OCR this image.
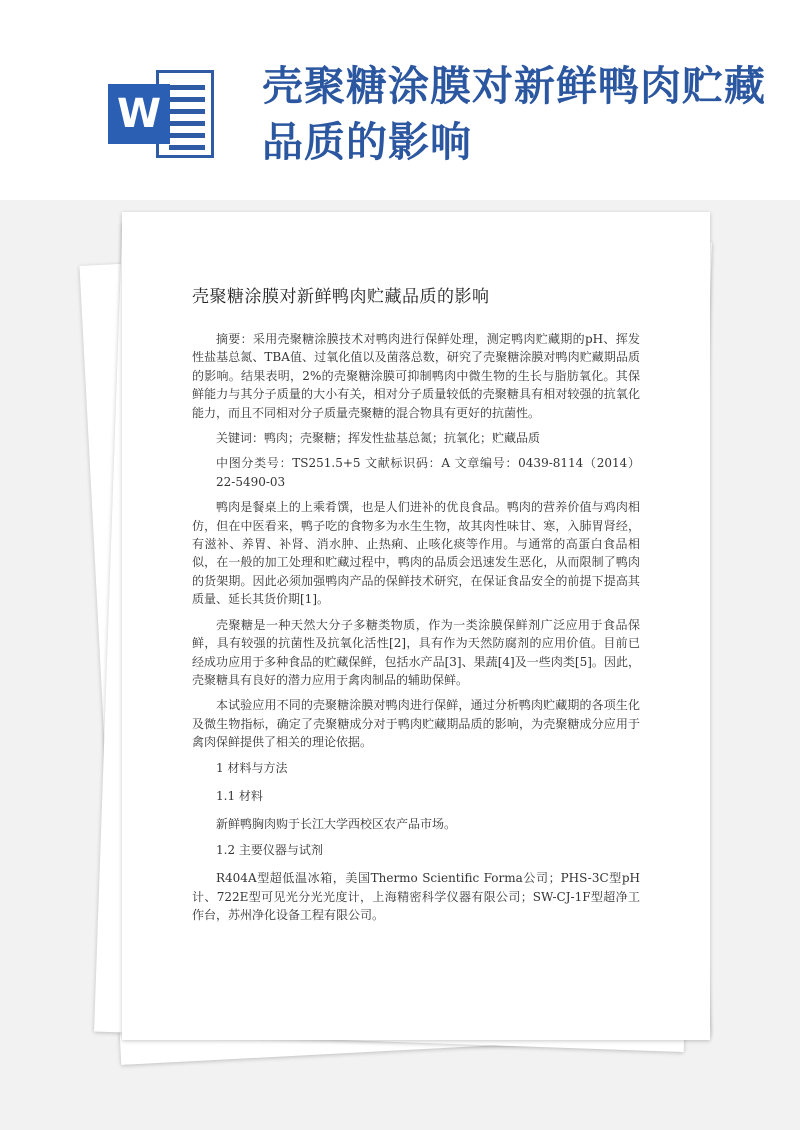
W
壳聚糖涂膜对新鲜鸭肉贮藏品质的影响
壳聚糖涂膜对新鲜鸭肉贮藏品质的影响

摘要：采用壳聚糖涂膜技术对鸭肉进行保鲜处理，测定鸭肉贮藏期的pH、挥发性盐基总氮、TBA值、过氧化值以及菌落总数，研究了壳聚糖涂膜对鸭肉贮藏期品质的影响。结果表明，2%的壳聚糖涂膜可抑制鸭肉中微生物的生长与脂肪氧化。其保鲜能力与其分子质量的大小有关，相对分子质量较低的壳聚糖具有相对较强的抗氧化能力，而且不同相对分子质量壳聚糖的混合物具有更好的抗菌性。

关键词：鸭肉；壳聚糖；挥发性盐基总氮；抗氧化；贮藏品质

中图分类号：TS251.5+5 文献标识码：A 文章编号：0439-8114（2014）22-5490-03

鸭肉是餐桌上的上乘肴馔，也是人们进补的优良食品。鸭肉的营养价值与鸡肉相仿，但在中医看来，鸭子吃的食物多为水生生物，故其肉性味甘、寒，入肺胃肾经，有滋补、养胃、补肾、消水肿、止热痢、止咳化痰等作用。与通常的高蛋白食品相似，在一般的加工处理和贮藏过程中，鸭肉的品质会迅速发生恶化，从而限制了鸭肉的货架期。因此必须加强鸭肉产品的保鲜技术研究，在保证食品安全的前提下提高其质量、延长其货价期[1]。

壳聚糖是一种天然大分子多糖类物质，作为一类涂膜保鲜剂广泛应用于食品保鲜，具有较强的抗菌性及抗氧化活性[2]，具有作为天然防腐剂的应用价值。目前已经成功应用于多种食品的贮藏保鲜，包括水产品[3]、果蔬[4]及一些肉类[5]。因此，壳聚糖具有良好的潜力应用于禽肉制品的辅助保鲜。

本试验应用不同的壳聚糖涂膜对鸭肉进行保鲜，通过分析鸭肉贮藏期的各项生化及微生物指标，确定了壳聚糖成分对于鸭肉贮藏期品质的影响，为壳聚糖成分应用于禽肉保鲜提供了相关的理论依据。

1 材料与方法

1.1 材料

新鲜鸭胸肉购于长江大学西校区农产品市场。

1.2 主要仪器与试剂

R404A型超低温冰箱，美国Thermo Scientific Forma公司；PHS-3C型pH计、722E型可见光分光光度计，上海精密科学仪器有限公司；SW-CJ-1F型超净工作台，苏州净化设备工程有限公司。
